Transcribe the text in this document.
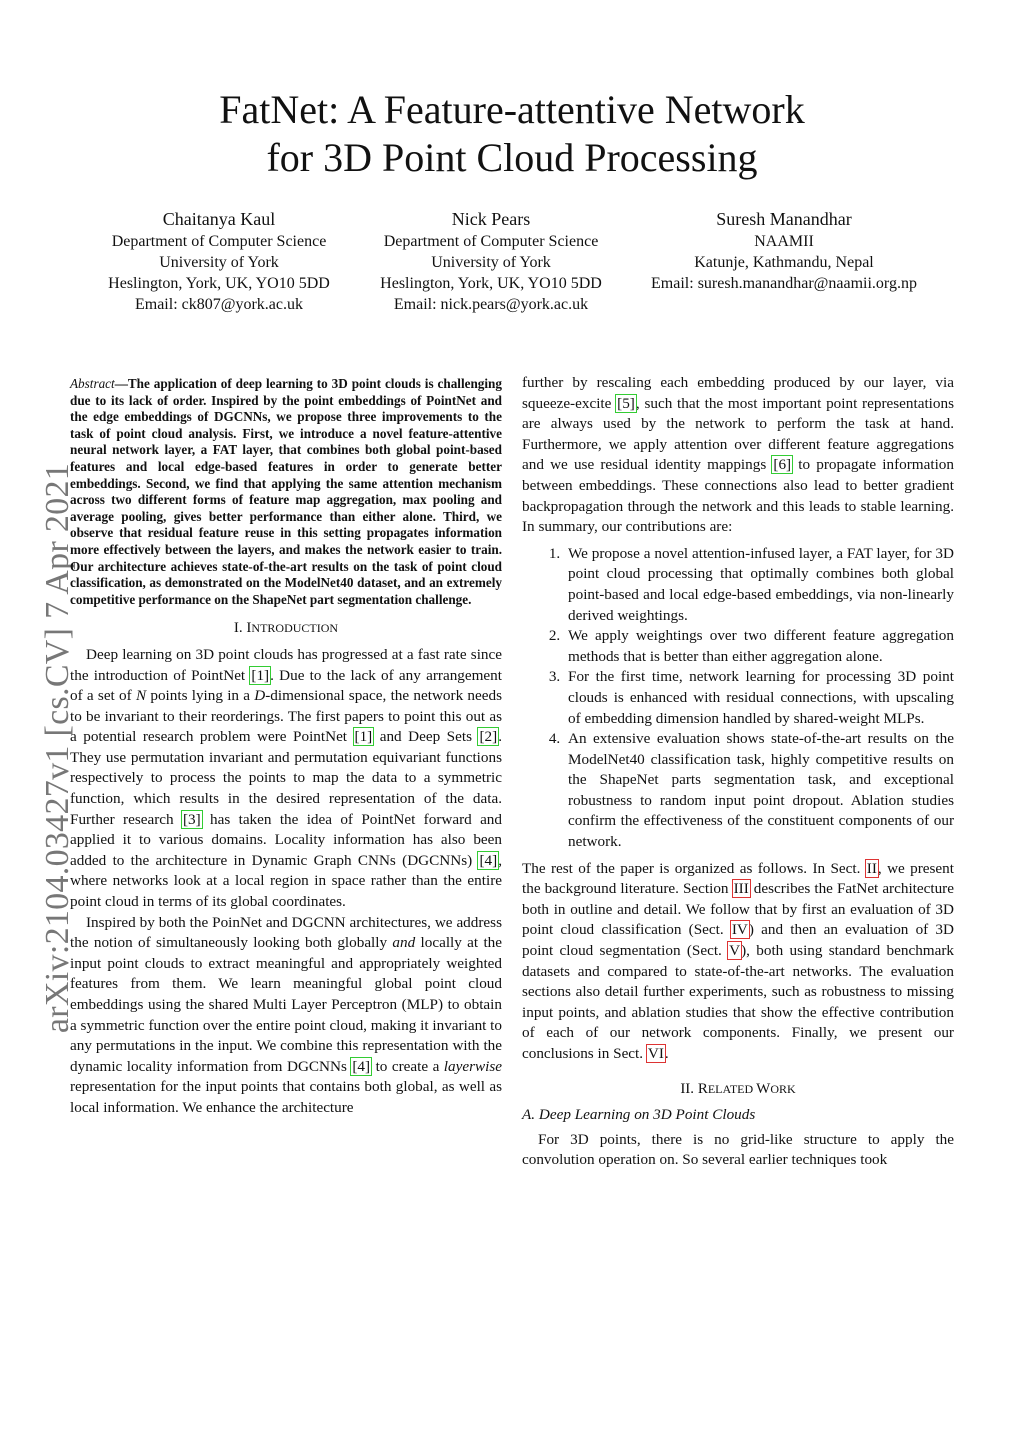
FatNet: A Feature-attentive Network
for 3D Point Cloud Processing
Chaitanya Kaul
Department of Computer Science
University of York
Heslington, York, UK, YO10 5DD
Email: ck807@york.ac.uk
Nick Pears
Department of Computer Science
University of York
Heslington, York, UK, YO10 5DD
Email: nick.pears@york.ac.uk
Suresh Manandhar
NAAMII
Katunje, Kathmandu, Nepal
Email: suresh.manandhar@naamii.org.np
arXiv:2104.03427v1 [cs.CV] 7 Apr 2021

Abstract—The application of deep learning to 3D point clouds is challenging due to its lack of order. Inspired by the point embeddings of PointNet and the edge embeddings of DGCNNs, we propose three improvements to the task of point cloud analysis. First, we introduce a novel feature-attentive neural network layer, a FAT layer, that combines both global point-based features and local edge-based features in order to generate better embeddings. Second, we find that applying the same attention mechanism across two different forms of feature map aggregation, max pooling and average pooling, gives better performance than either alone. Third, we observe that residual feature reuse in this setting propagates information more effectively between the layers, and makes the network easier to train. Our architecture achieves state-of-the-art results on the task of point cloud classification, as demonstrated on the ModelNet40 dataset, and an extremely competitive performance on the ShapeNet part segmentation challenge.

I. INTRODUCTION

Deep learning on 3D point clouds has progressed at a fast rate since the introduction of PointNet [1]. Due to the lack of any arrangement of a set of N points lying in a D-dimensional space, the network needs to be invariant to their reorderings. The first papers to point this out as a potential research problem were PointNet [1] and Deep Sets [2]. They use permutation invariant and permutation equivariant functions respectively to process the points to map the data to a symmetric function, which results in the desired representation of the data. Further research [3] has taken the idea of PointNet forward and applied it to various domains. Locality information has also been added to the architecture in Dynamic Graph CNNs (DGCNNs) [4], where networks look at a local region in space rather than the entire point cloud in terms of its global coordinates.

Inspired by both the PoinNet and DGCNN architectures, we address the notion of simultaneously looking both globally and locally at the input point clouds to extract meaningful and appropriately weighted features from them. We learn meaningful global point cloud embeddings using the shared Multi Layer Perceptron (MLP) to obtain a symmetric function over the entire point cloud, making it invariant to any permutations in the input. We combine this representation with the dynamic locality information from DGCNNs [4] to create a layerwise representation for the input points that contains both global, as well as local information. We enhance the architecture

further by rescaling each embedding produced by our layer, via squeeze-excite [5], such that the most important point representations are always used by the network to perform the task at hand. Furthermore, we apply attention over different feature aggregations and we use residual identity mappings [6] to propagate information between embeddings. These connections also lead to better gradient backpropagation through the network and this leads to stable learning. In summary, our contributions are:

1. We propose a novel attention-infused layer, a FAT layer, for 3D point cloud processing that optimally combines both global point-based and local edge-based embeddings, via non-linearly derived weightings.
2. We apply weightings over two different feature aggregation methods that is better than either aggregation alone.
3. For the first time, network learning for processing 3D point clouds is enhanced with residual connections, with upscaling of embedding dimension handled by shared-weight MLPs.
4. An extensive evaluation shows state-of-the-art results on the ModelNet40 classification task, highly competitive results on the ShapeNet parts segmentation task, and exceptional robustness to random input point dropout. Ablation studies confirm the effectiveness of the constituent components of our network.

The rest of the paper is organized as follows. In Sect. II, we present the background literature. Section III describes the FatNet architecture both in outline and detail. We follow that by first an evaluation of 3D point cloud classification (Sect. IV) and then an evaluation of 3D point cloud segmentation (Sect. V), both using standard benchmark datasets and compared to state-of-the-art networks. The evaluation sections also detail further experiments, such as robustness to missing input points, and ablation studies that show the effective contribution of each of our network components. Finally, we present our conclusions in Sect. VI.

II. RELATED WORK
A. Deep Learning on 3D Point Clouds

For 3D points, there is no grid-like structure to apply the convolution operation on. So several earlier techniques took
